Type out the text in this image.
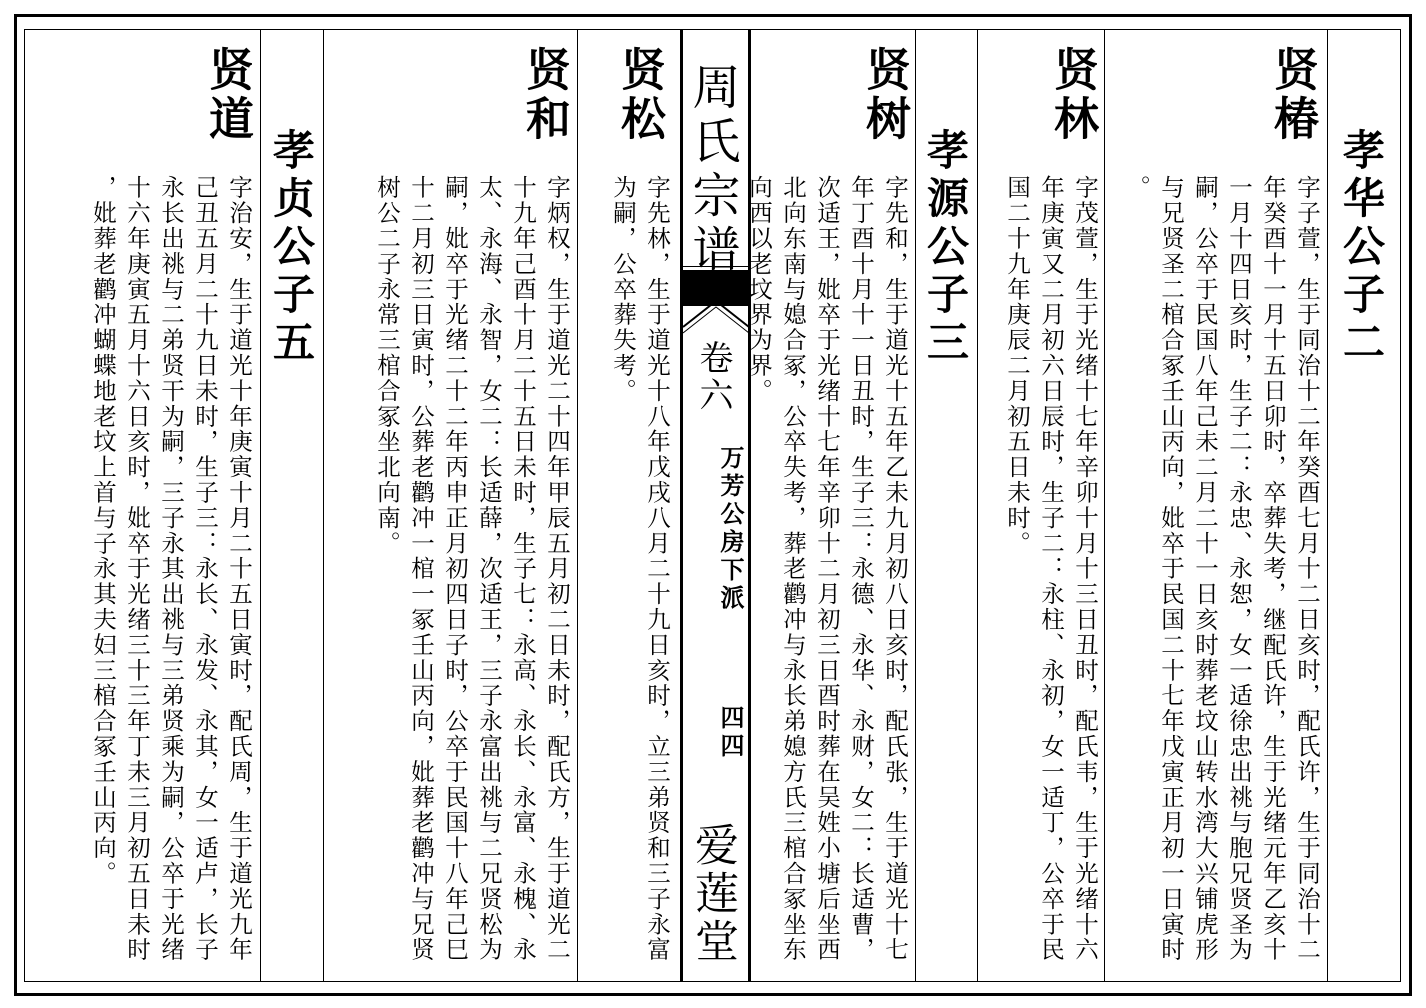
周氏宗谱
卷六
万芳公房下派
四四
爱莲堂
孝华公子二
贤椿
字子萱，生于同治十二年癸酉七月十二日亥时，配氏许，生于同治十二年癸酉十一月十五日卯时，卒葬失考，继配氏许，生于光绪元年乙亥十一月十四日亥时，生子二：永忠、永恕，女一适徐忠出祧与胞兄贤圣为嗣，公卒于民国八年己未二月二十一日亥时葬老坟山转水湾大兴铺虎形与兄贤圣二棺合冢壬山丙向，妣卒于民国二十七年戊寅正月初一日寅时。
贤林
字茂萱，生于光绪十七年辛卯十月十三日丑时，配氏韦，生于光绪十六年庚寅又二月初六日辰时，生子二：永柱、永初，女一适丁，公卒于民国二十九年庚辰二月初五日未时。
孝源公子三
贤树
字先和，生于道光十五年乙未九月初八日亥时，配氏张，生于道光十七年丁酉十月十一日丑时，生子三：永德、永华、永财，女二：长适曹，次适王，妣卒于光绪十七年辛卯十二月初三日酉时葬在吴姓小塘后坐西北向东南与媳合冢，公卒失考，葬老鹳冲与永长弟媳方氏三棺合冢坐东向西以老坟界为界。
贤松
字先林，生于道光十八年戊戌八月二十九日亥时，立三弟贤和三子永富为嗣，公卒葬失考。
贤和
字炳权，生于道光二十四年甲辰五月初二日未时，配氏方，生于道光二十九年己酉十月二十五日未时，生子七：永高、永长、永富、永槐、永太、永海、永智，女二：长适薛，次适王，三子永富出祧与二兄贤松为嗣，妣卒于光绪二十二年丙申正月初四日子时，公卒于民国十八年己巳十二月初三日寅时，公葬老鹳冲一棺一冢壬山丙向，妣葬老鹳冲与兄贤树公二子永常三棺合冢坐北向南。
孝贞公子五
贤道
字治安，生于道光十年庚寅十月二十五日寅时，配氏周，生于道光九年己丑五月二十九日未时，生子三：永长、永发、永其，女一适卢，长子永长出祧与二弟贤干为嗣，三子永其出祧与三弟贤乘为嗣，公卒于光绪十六年庚寅五月十六日亥时，妣卒于光绪三十三年丁未三月初五日未时，妣葬老鹳冲蝴蝶地老坟上首与子永其夫妇三棺合冢壬山丙向。
